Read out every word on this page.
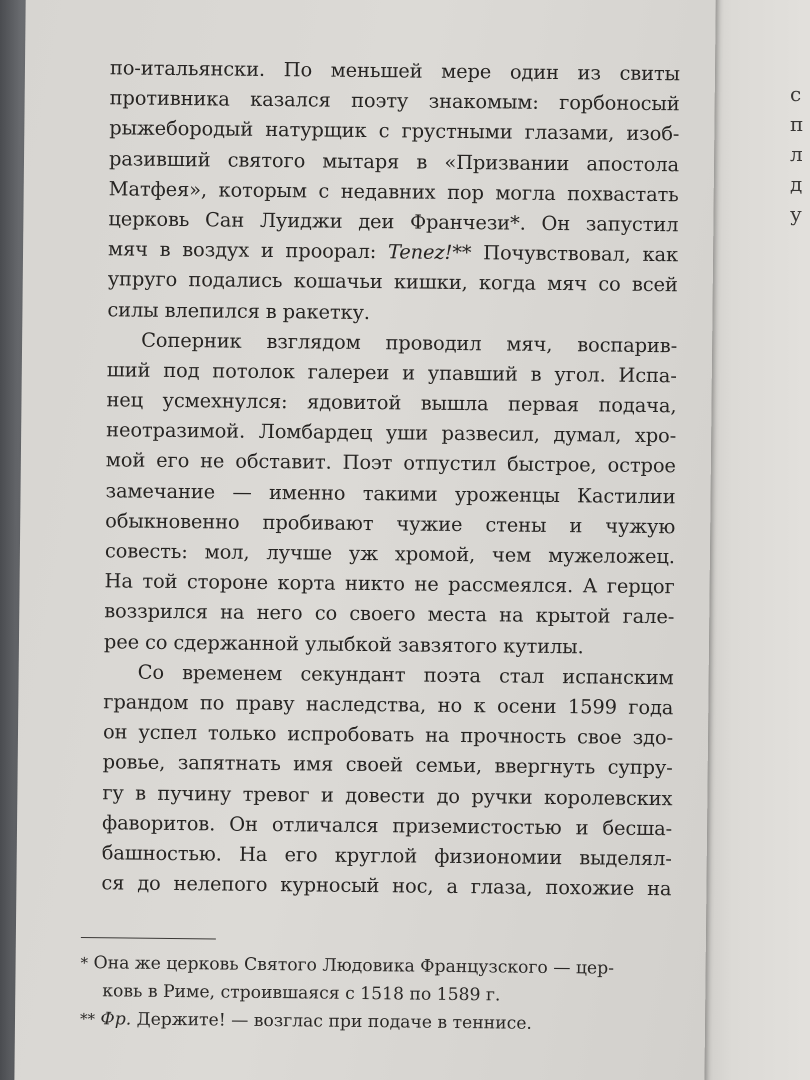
с
п
л
д
у
по-итальянски. По меньшей мере один из свиты
противника казался поэту знакомым: горбоносый
рыжебородый натурщик с грустными глазами, изоб-
разивший святого мытаря в «Призвании апостола
Матфея», которым с недавних пор могла похвастать
церковь Сан Луиджи деи Франчези*. Он запустил
мяч в воздух и проорал: Tenez!** Почувствовал, как
упруго подались кошачьи кишки, когда мяч со всей
силы влепился в ракетку.
Соперник взглядом проводил мяч, воспарив-
ший под потолок галереи и упавший в угол. Испа-
нец усмехнулся: ядовитой вышла первая подача,
неотразимой. Ломбардец уши развесил, думал, хро-
мой его не обставит. Поэт отпустил быстрое, острое
замечание — именно такими уроженцы Кастилии
обыкновенно пробивают чужие стены и чужую
совесть: мол, лучше уж хромой, чем мужеложец.
На той стороне корта никто не рассмеялся. А герцог
воззрился на него со своего места на крытой гале-
рее со сдержанной улыбкой завзятого кутилы.
Со временем секундант поэта стал испанским
грандом по праву наследства, но к осени 1599 года
он успел только испробовать на прочность свое здо-
ровье, запятнать имя своей семьи, ввергнуть супру-
гу в пучину тревог и довести до ручки королевских
фаворитов. Он отличался приземистостью и бесша-
башностью. На его круглой физиономии выделял-
ся до нелепого курносый нос, а глаза, похожие на
* Она же церковь Святого Людовика Французского — цер-
ковь в Риме, строившаяся с 1518 по 1589 г.
** Фр. Держите! — возглас при подаче в теннисе.
